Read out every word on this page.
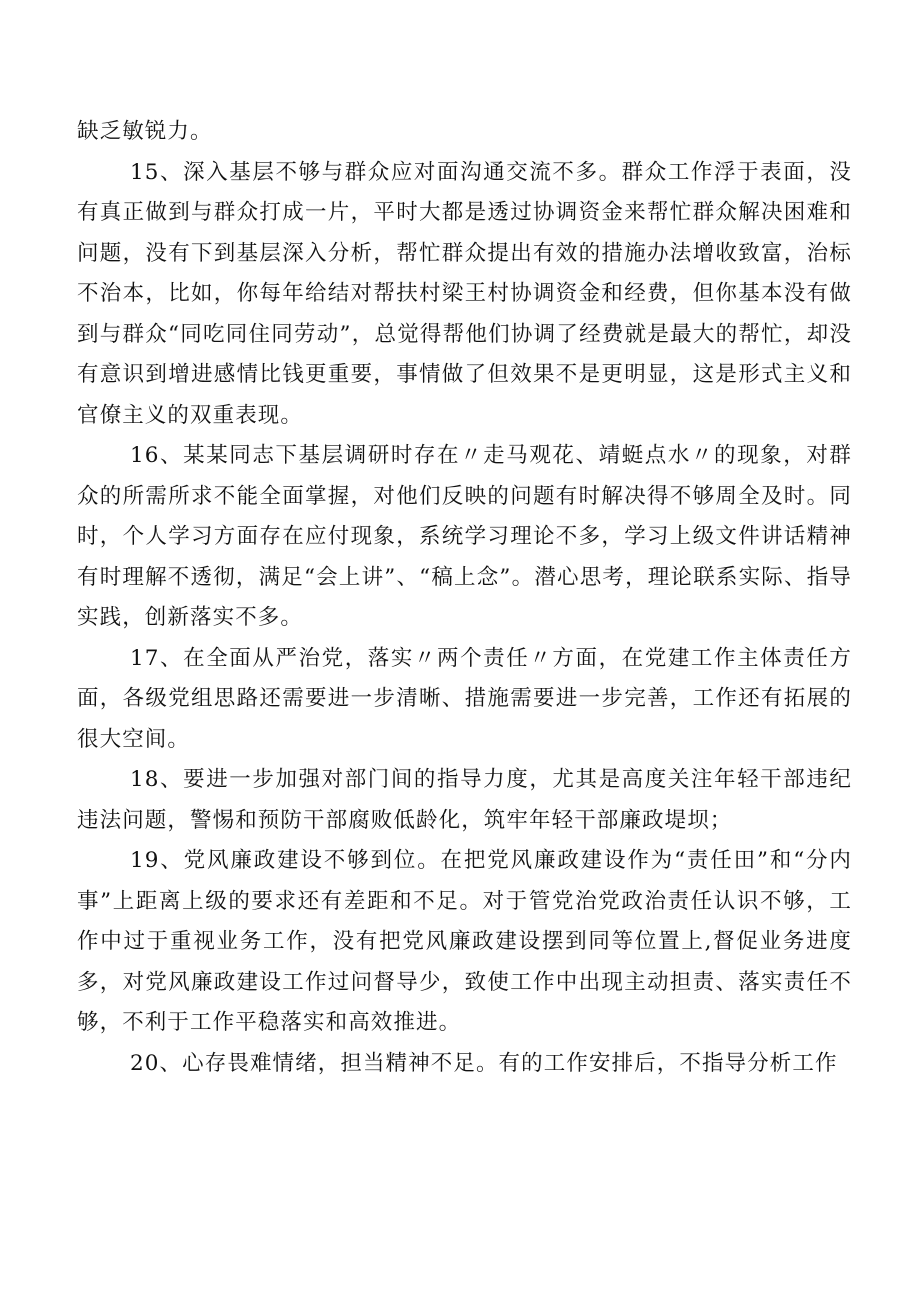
缺乏敏锐力。

15、深入基层不够与群众应对面沟通交流不多。群众工作浮于表面，没有真正做到与群众打成一片，平时大都是透过协调资金来帮忙群众解决困难和问题，没有下到基层深入分析，帮忙群众提出有效的措施办法增收致富，治标不治本，比如，你每年给结对帮扶村梁王村协调资金和经费，但你基本没有做到与群众“同吃同住同劳动”，总觉得帮他们协调了经费就是最大的帮忙，却没有意识到增进感情比钱更重要，事情做了但效果不是更明显，这是形式主义和官僚主义的双重表现。

16、某某同志下基层调研时存在〃走马观花、靖蜓点水〃的现象，对群众的所需所求不能全面掌握，对他们反映的问题有时解决得不够周全及时。同时，个人学习方面存在应付现象，系统学习理论不多，学习上级文件讲话精神有时理解不透彻，满足“会上讲”、“稿上念”。潜心思考，理论联系实际、指导实践，创新落实不多。

17、在全面从严治党，落实〃两个责任〃方面，在党建工作主体责任方面，各级党组思路还需要进一步清晰、措施需要进一步完善，工作还有拓展的很大空间。

18、要进一步加强对部门间的指导力度，尤其是高度关注年轻干部违纪违法问题，警惕和预防干部腐败低龄化，筑牢年轻干部廉政堤坝；

19、党风廉政建设不够到位。在把党风廉政建设作为“责任田”和“分内事”上距离上级的要求还有差距和不足。对于管党治党政治责任认识不够，工作中过于重视业务工作，没有把党风廉政建设摆到同等位置上,督促业务进度多，对党风廉政建设工作过问督导少，致使工作中出现主动担责、落实责任不够，不利于工作平稳落实和高效推进。

20、心存畏难情绪，担当精神不足。有的工作安排后，不指导分析工作
